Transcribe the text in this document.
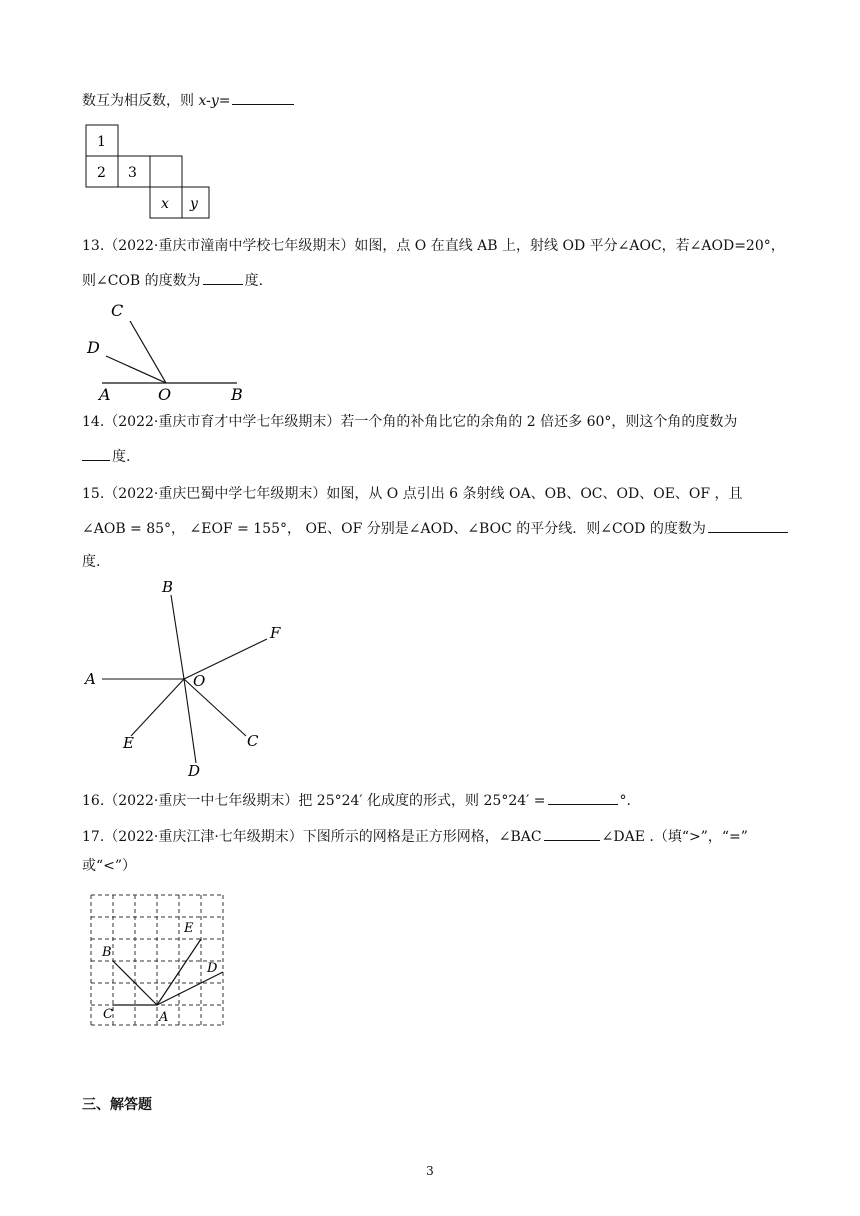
数互为相反数，则 x-y=
1
2 3
x y
13.（2022·重庆市潼南中学校七年级期末）如图，点 O 在直线 AB 上，射线 OD 平分∠AOC，若∠AOD=20°，
则∠COB 的度数为	度.
C
D
A	O	B
14.（2022·重庆市育才中学七年级期末）若一个角的补角比它的余角的 2 倍还多 60°，则这个角的度数为
度.
15.（2022·重庆巴蜀中学七年级期末）如图，从 O 点引出 6 条射线 OA、OB、OC、OD、OE、OF ，且
∠AOB = 85°， ∠EOF = 155°， OE、OF 分别是∠AOD、∠BOC 的平分线．则∠COD 的度数为
度.
B
F
A	O
E	C
D
16.（2022·重庆一中七年级期末）把 25°24′ 化成度的形式，则 25°24′ =	°.
17.（2022·重庆江津·七年级期末）下图所示的网格是正方形网格，∠BAC	∠DAE .（填“>”，“=”
或“<”）
B
E
D
C	A
三、解答题
3
